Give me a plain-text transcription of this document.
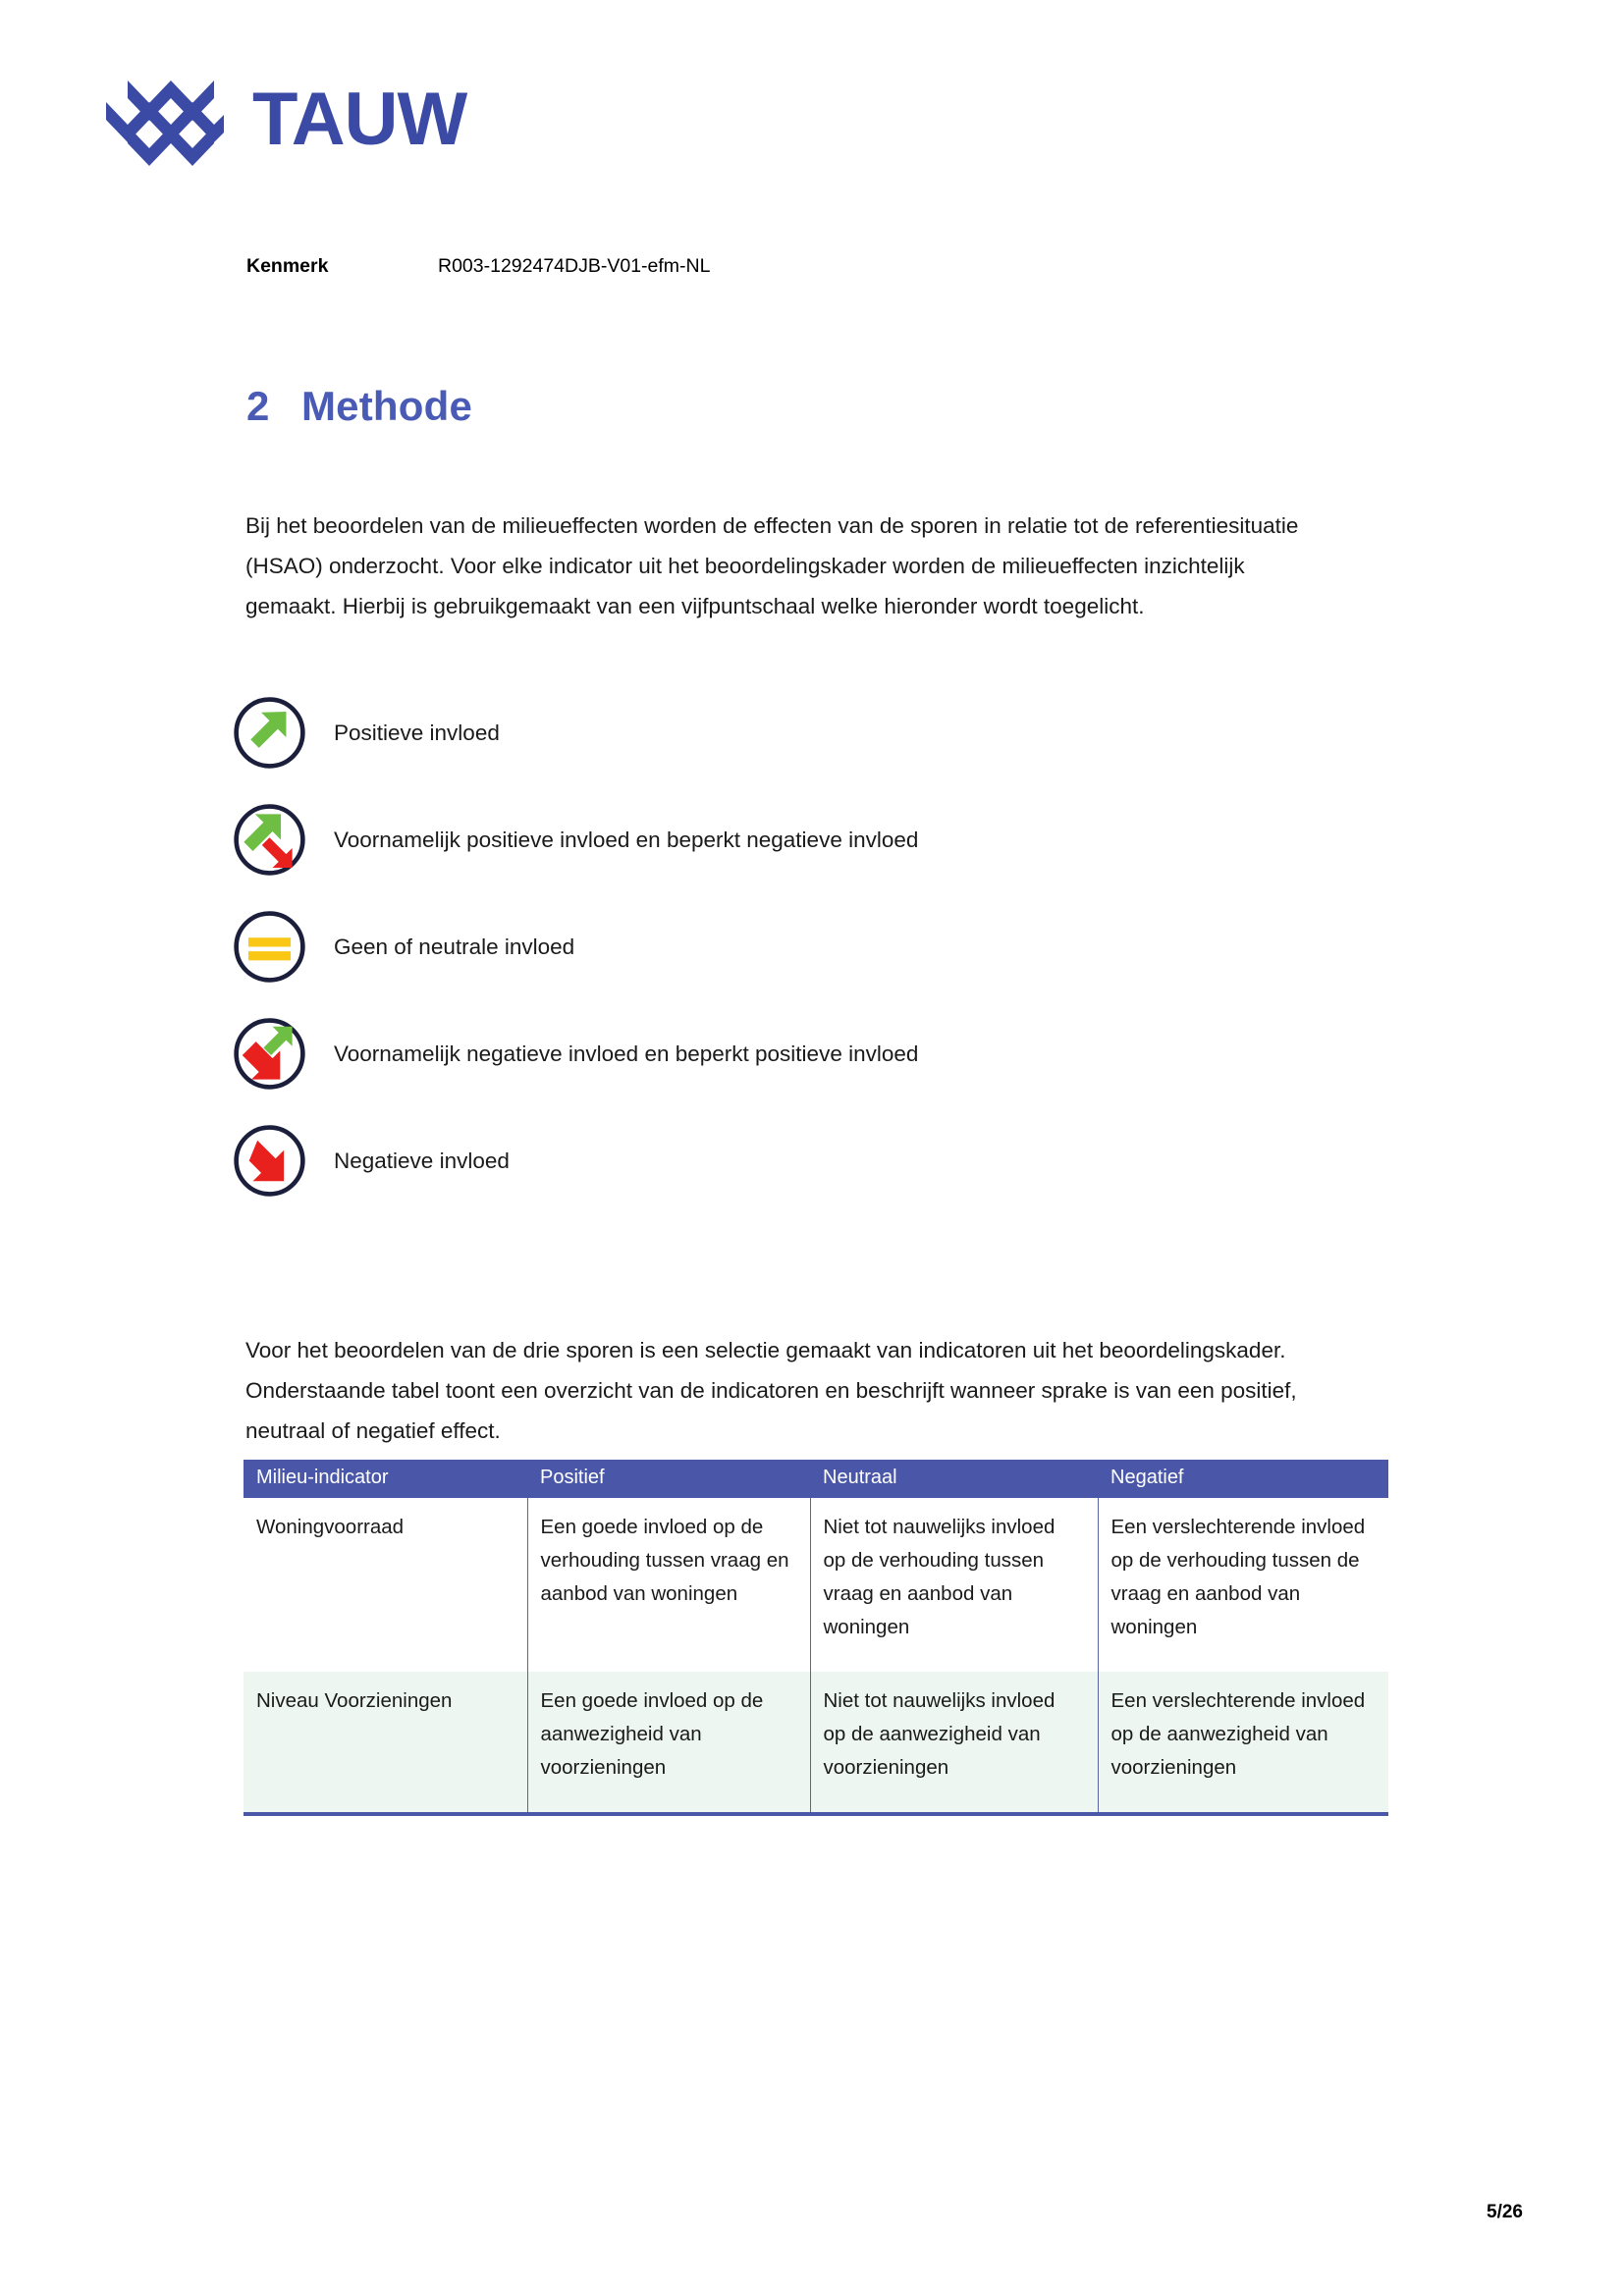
TAUW
Kenmerk	R003-1292474DJB-V01-efm-NL
2 Methode

Bij het beoordelen van de milieueffecten worden de effecten van de sporen in relatie tot de referentiesituatie (HSAO) onderzocht. Voor elke indicator uit het beoordelingskader worden de milieueffecten inzichtelijk gemaakt. Hierbij is gebruikgemaakt van een vijfpuntschaal welke hieronder wordt toegelicht.

Positieve invloed
Voornamelijk positieve invloed en beperkt negatieve invloed
Geen of neutrale invloed
Voornamelijk negatieve invloed en beperkt positieve invloed
Negatieve invloed

Voor het beoordelen van de drie sporen is een selectie gemaakt van indicatoren uit het beoordelingskader. Onderstaande tabel toont een overzicht van de indicatoren en beschrijft wanneer sprake is van een positief, neutraal of negatief effect.

Milieu-indicator	Positief	Neutraal	Negatief
Woningvoorraad	Een goede invloed op de verhouding tussen vraag en aanbod van woningen	Niet tot nauwelijks invloed op de verhouding tussen vraag en aanbod van woningen	Een verslechterende invloed op de verhouding tussen de vraag en aanbod van woningen
Niveau Voorzieningen	Een goede invloed op de aanwezigheid van voorzieningen	Niet tot nauwelijks invloed op de aanwezigheid van voorzieningen	Een verslechterende invloed op de aanwezigheid van voorzieningen
5/26
